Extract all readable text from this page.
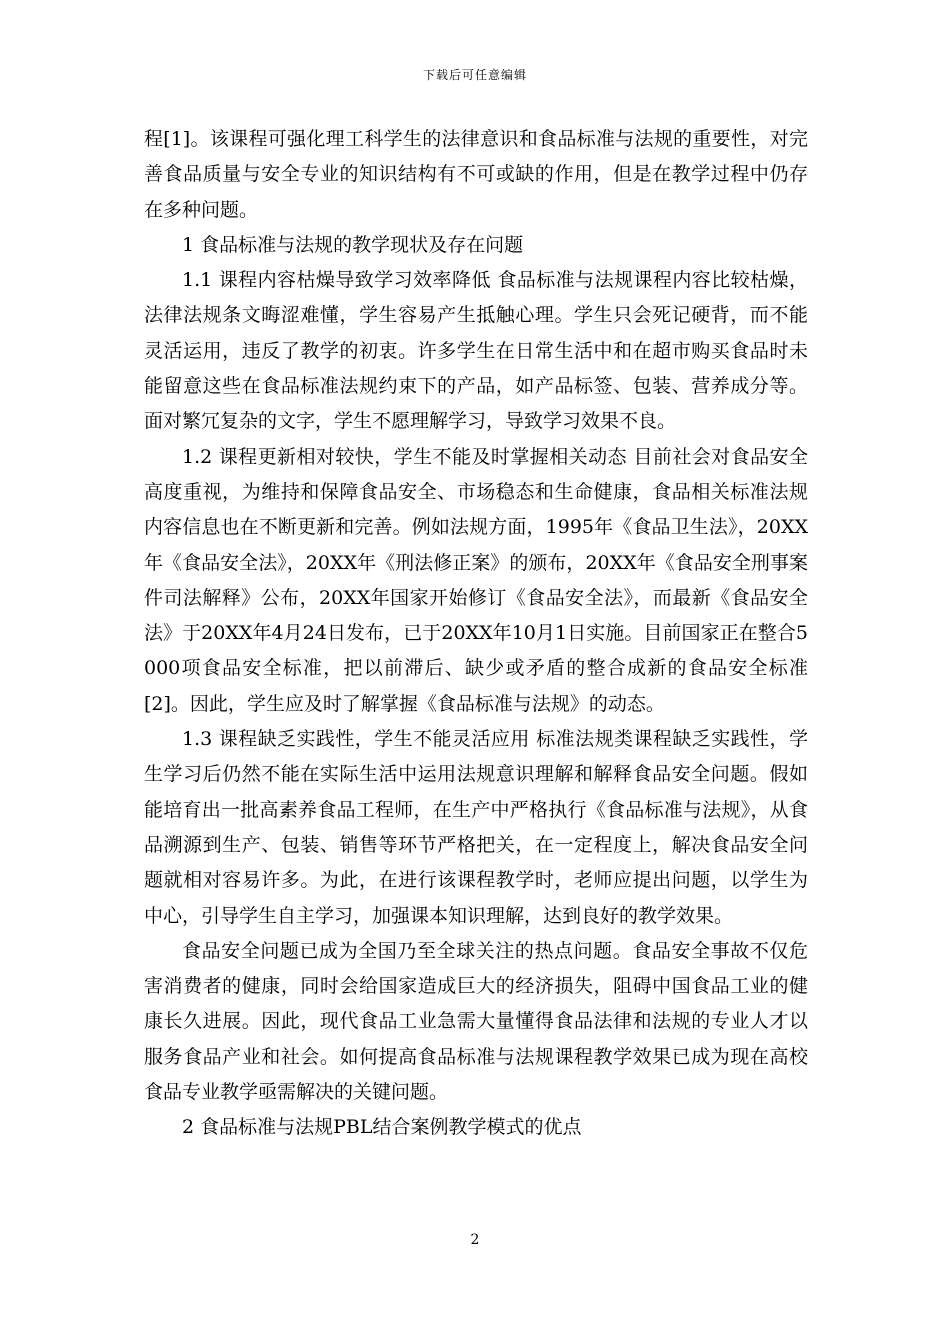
下载后可任意编辑

程[1]。该课程可强化理工科学生的法律意识和食品标准与法规的重要性，对完善食品质量与安全专业的知识结构有不可或缺的作用，但是在教学过程中仍存在多种问题。

1 食品标准与法规的教学现状及存在问题

1.1 课程内容枯燥导致学习效率降低 食品标准与法规课程内容比较枯燥，法律法规条文晦涩难懂，学生容易产生抵触心理。学生只会死记硬背，而不能灵活运用，违反了教学的初衷。许多学生在日常生活中和在超市购买食品时未能留意这些在食品标准法规约束下的产品，如产品标签、包装、营养成分等。面对繁冗复杂的文字，学生不愿理解学习，导致学习效果不良。

1.2 课程更新相对较快，学生不能及时掌握相关动态 目前社会对食品安全高度重视，为维持和保障食品安全、市场稳态和生命健康，食品相关标准法规内容信息也在不断更新和完善。例如法规方面，1995年《食品卫生法》，20XX年《食品安全法》，20XX年《刑法修正案》的颁布，20XX年《食品安全刑事案件司法解释》公布，20XX年国家开始修订《食品安全法》，而最新《食品安全法》于20XX年4月24日发布，已于20XX年10月1日实施。目前国家正在整合5 000项食品安全标准，把以前滞后、缺少或矛盾的整合成新的食品安全标准[2]。因此，学生应及时了解掌握《食品标准与法规》的动态。

1.3 课程缺乏实践性，学生不能灵活应用 标准法规类课程缺乏实践性，学生学习后仍然不能在实际生活中运用法规意识理解和解释食品安全问题。假如能培育出一批高素养食品工程师，在生产中严格执行《食品标准与法规》，从食品溯源到生产、包装、销售等环节严格把关，在一定程度上，解决食品安全问题就相对容易许多。为此，在进行该课程教学时，老师应提出问题，以学生为中心，引导学生自主学习，加强课本知识理解，达到良好的教学效果。

食品安全问题已成为全国乃至全球关注的热点问题。食品安全事故不仅危害消费者的健康，同时会给国家造成巨大的经济损失，阻碍中国食品工业的健康长久进展。因此，现代食品工业急需大量懂得食品法律和法规的专业人才以服务食品产业和社会。如何提高食品标准与法规课程教学效果已成为现在高校食品专业教学亟需解决的关键问题。

2 食品标准与法规PBL结合案例教学模式的优点

2
